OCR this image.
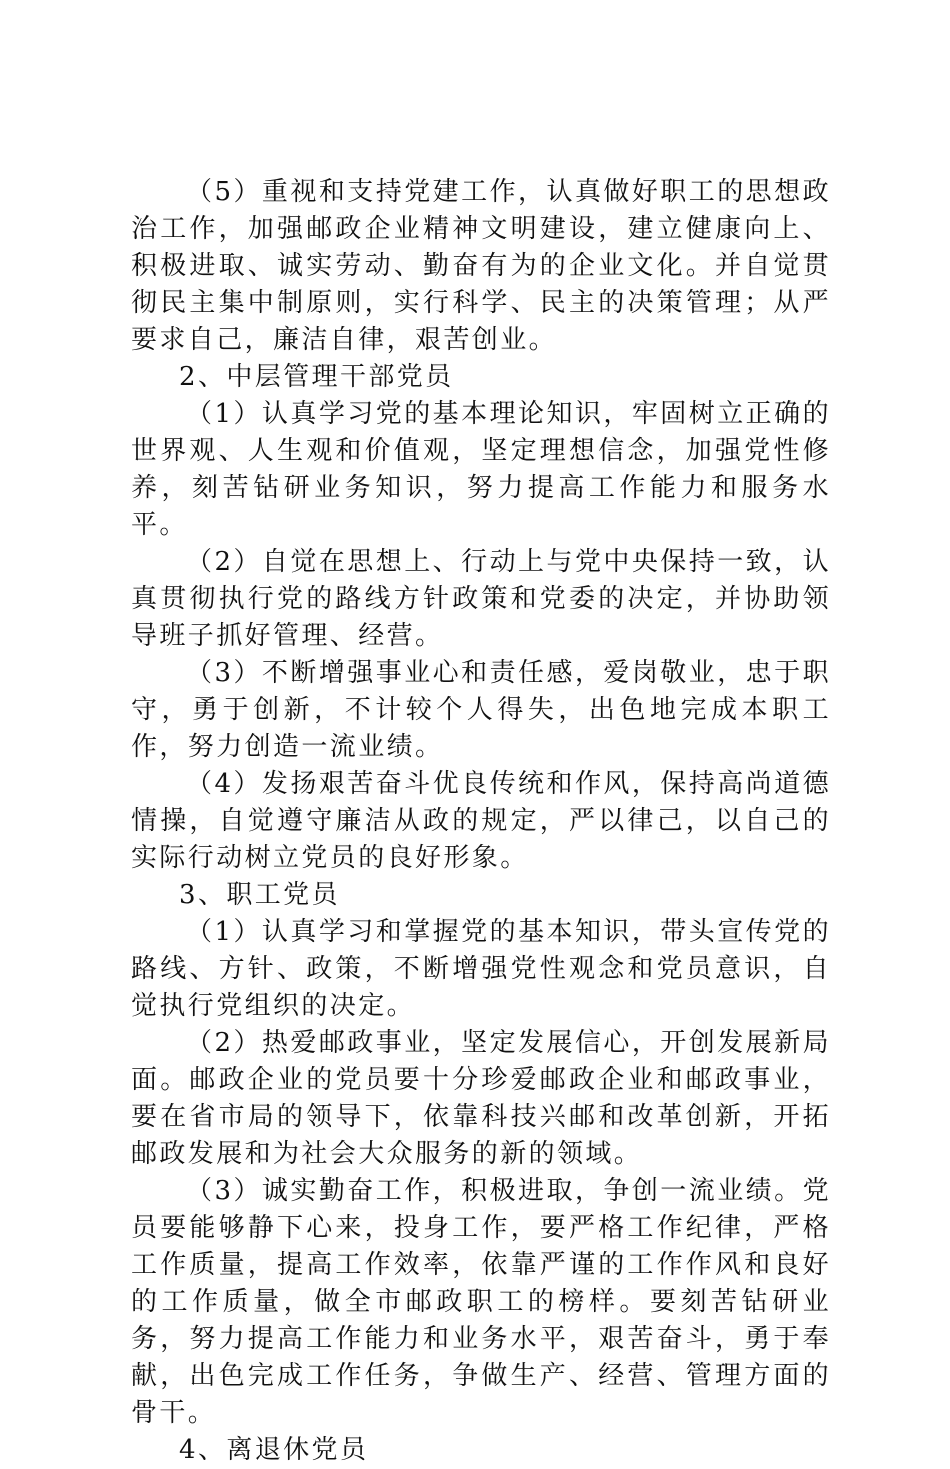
（5）重视和支持党建工作，认真做好职工的思想政治工作，加强邮政企业精神文明建设，建立健康向上、积极进取、诚实劳动、勤奋有为的企业文化。并自觉贯彻民主集中制原则，实行科学、民主的决策管理；从严要求自己，廉洁自律，艰苦创业。

2、中层管理干部党员

（1）认真学习党的基本理论知识，牢固树立正确的世界观、人生观和价值观，坚定理想信念，加强党性修养，刻苦钻研业务知识，努力提高工作能力和服务水平。

（2）自觉在思想上、行动上与党中央保持一致，认真贯彻执行党的路线方针政策和党委的决定，并协助领导班子抓好管理、经营。

（3）不断增强事业心和责任感，爱岗敬业，忠于职守，勇于创新，不计较个人得失，出色地完成本职工作，努力创造一流业绩。

（4）发扬艰苦奋斗优良传统和作风，保持高尚道德情操，自觉遵守廉洁从政的规定，严以律己，以自己的实际行动树立党员的良好形象。

3、职工党员

（1）认真学习和掌握党的基本知识，带头宣传党的路线、方针、政策，不断增强党性观念和党员意识，自觉执行党组织的决定。

（2）热爱邮政事业，坚定发展信心，开创发展新局面。邮政企业的党员要十分珍爱邮政企业和邮政事业，要在省市局的领导下，依靠科技兴邮和改革创新，开拓邮政发展和为社会大众服务的新的领域。

（3）诚实勤奋工作，积极进取，争创一流业绩。党员要能够静下心来，投身工作，要严格工作纪律，严格工作质量，提高工作效率，依靠严谨的工作作风和良好的工作质量，做全市邮政职工的榜样。要刻苦钻研业务，努力提高工作能力和业务水平，艰苦奋斗，勇于奉献，出色完成工作任务，争做生产、经营、管理方面的骨干。

4、离退休党员
